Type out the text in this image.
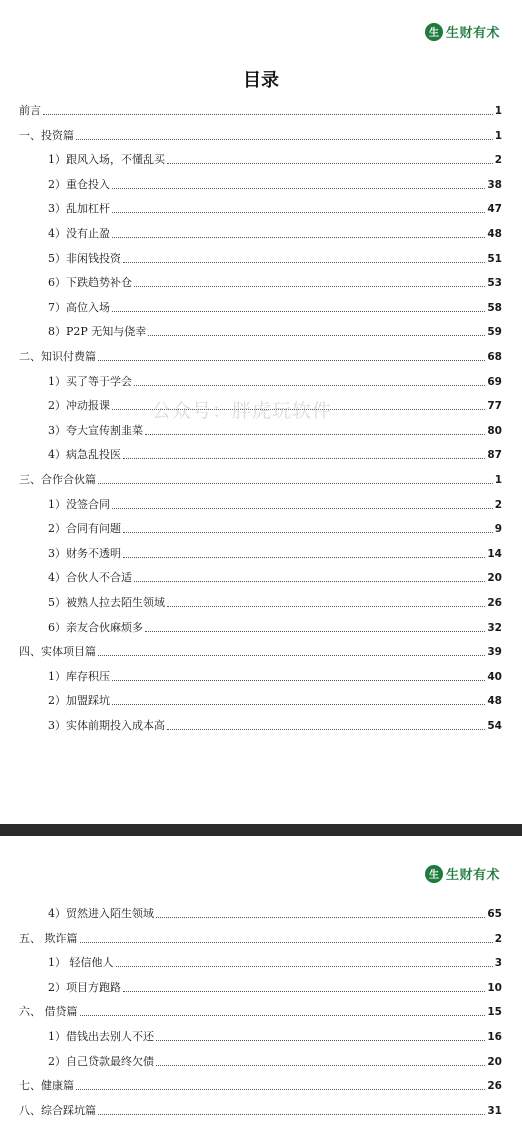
生 生财有术
目录
前言	1
一、投资篇	1
1）跟风入场，不懂乱买	2
2）重仓投入	38
3）乱加杠杆	47
4）没有止盈	48
5）非闲钱投资	51
6）下跌趋势补仓	53
7）高位入场	58
8）P2P 无知与侥幸	59
二、知识付费篇	68
1）买了等于学会	69
2）冲动报课	77
3）夸大宣传割韭菜	80
4）病急乱投医	87
三、合作合伙篇	1
1）没签合同	2
2）合同有问题	9
3）财务不透明	14
4）合伙人不合适	20
5）被熟人拉去陌生领域	26
6）亲友合伙麻烦多	32
四、实体项目篇	39
1）库存积压	40
2）加盟踩坑	48
3）实体前期投入成本高	54
公众号：胖虎玩软件
生 生财有术
4）贸然进入陌生领域	65
五、 欺诈篇	2
1） 轻信他人	3
2）项目方跑路	10
六、 借贷篇	15
1）借钱出去别人不还	16
2）自己贷款最终欠债	20
七、健康篇	26
八、综合踩坑篇	31
